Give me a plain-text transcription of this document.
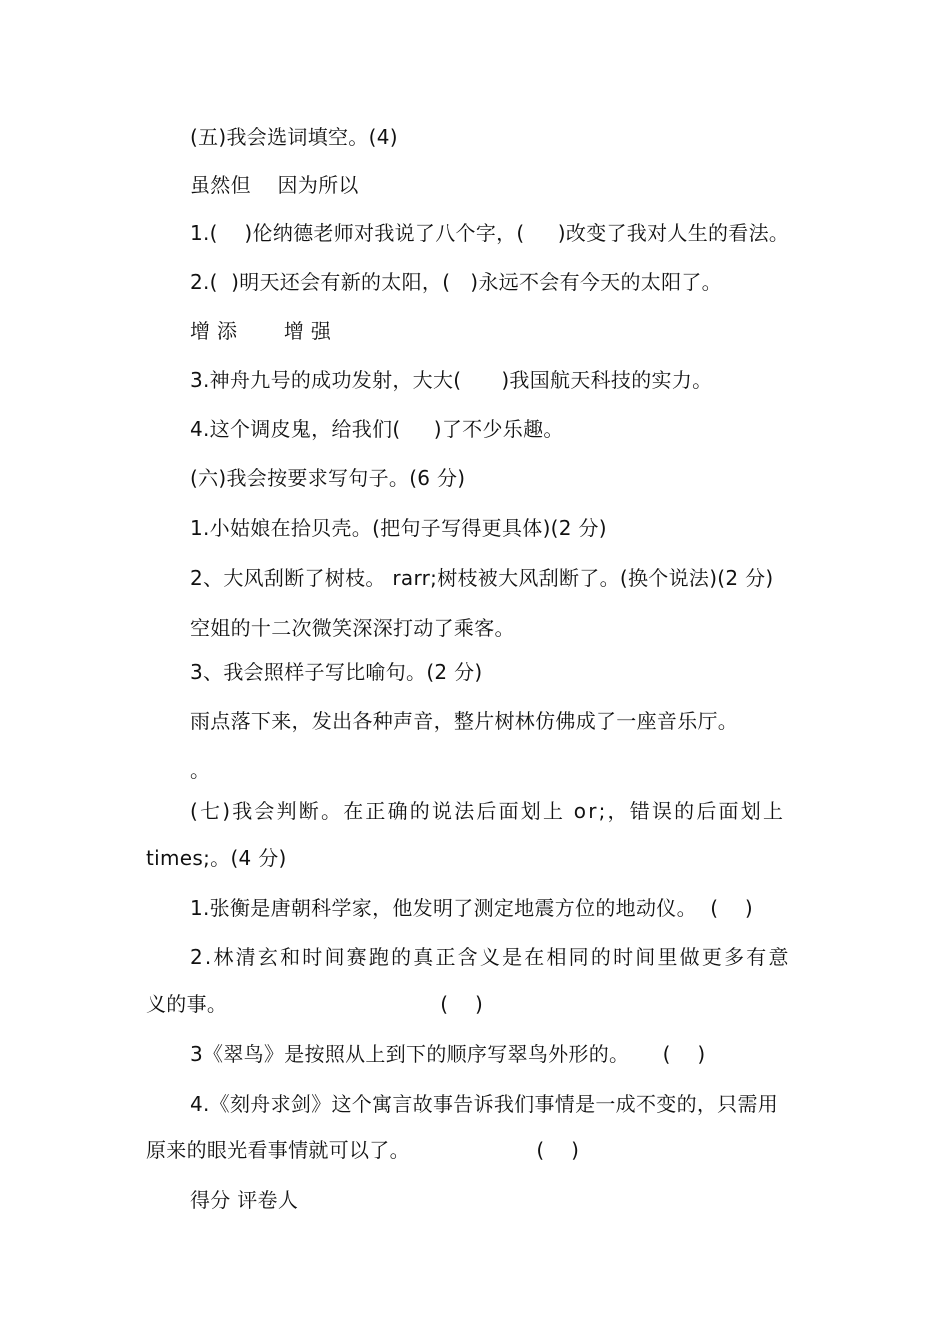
(五)我会选词填空。(4)
虽然但    因为所以
1.(    )伦纳德老师对我说了八个字，(     )改变了我对人生的看法。
2.(  )明天还会有新的太阳，(   )永远不会有今天的太阳了。
增 添       增 强
3.神舟九号的成功发射，大大(      )我国航天科技的实力。
4.这个调皮鬼，给我们(     )了不少乐趣。
(六)我会按要求写句子。(6 分)
1.小姑娘在拾贝壳。(把句子写得更具体)(2 分)
2、大风刮断了树枝。 rarr;树枝被大风刮断了。(换个说法)(2 分)
空姐的十二次微笑深深打动了乘客。
3、我会照样子写比喻句。(2 分)
雨点落下来，发出各种声音，整片树林仿佛成了一座音乐厅。
。
(七)我会判断。在正确的说法后面划上 or;，错误的后面划上
times;。(4 分)
1.张衡是唐朝科学家，他发明了测定地震方位的地动仪。  (    )
2.林清玄和时间赛跑的真正含义是在相同的时间里做更多有意
义的事。                                (    )
3《翠鸟》是按照从上到下的顺序写翠鸟外形的。     (    )
4.《刻舟求剑》这个寓言故事告诉我们事情是一成不变的，只需用
原来的眼光看事情就可以了。                   (    )
得分 评卷人
